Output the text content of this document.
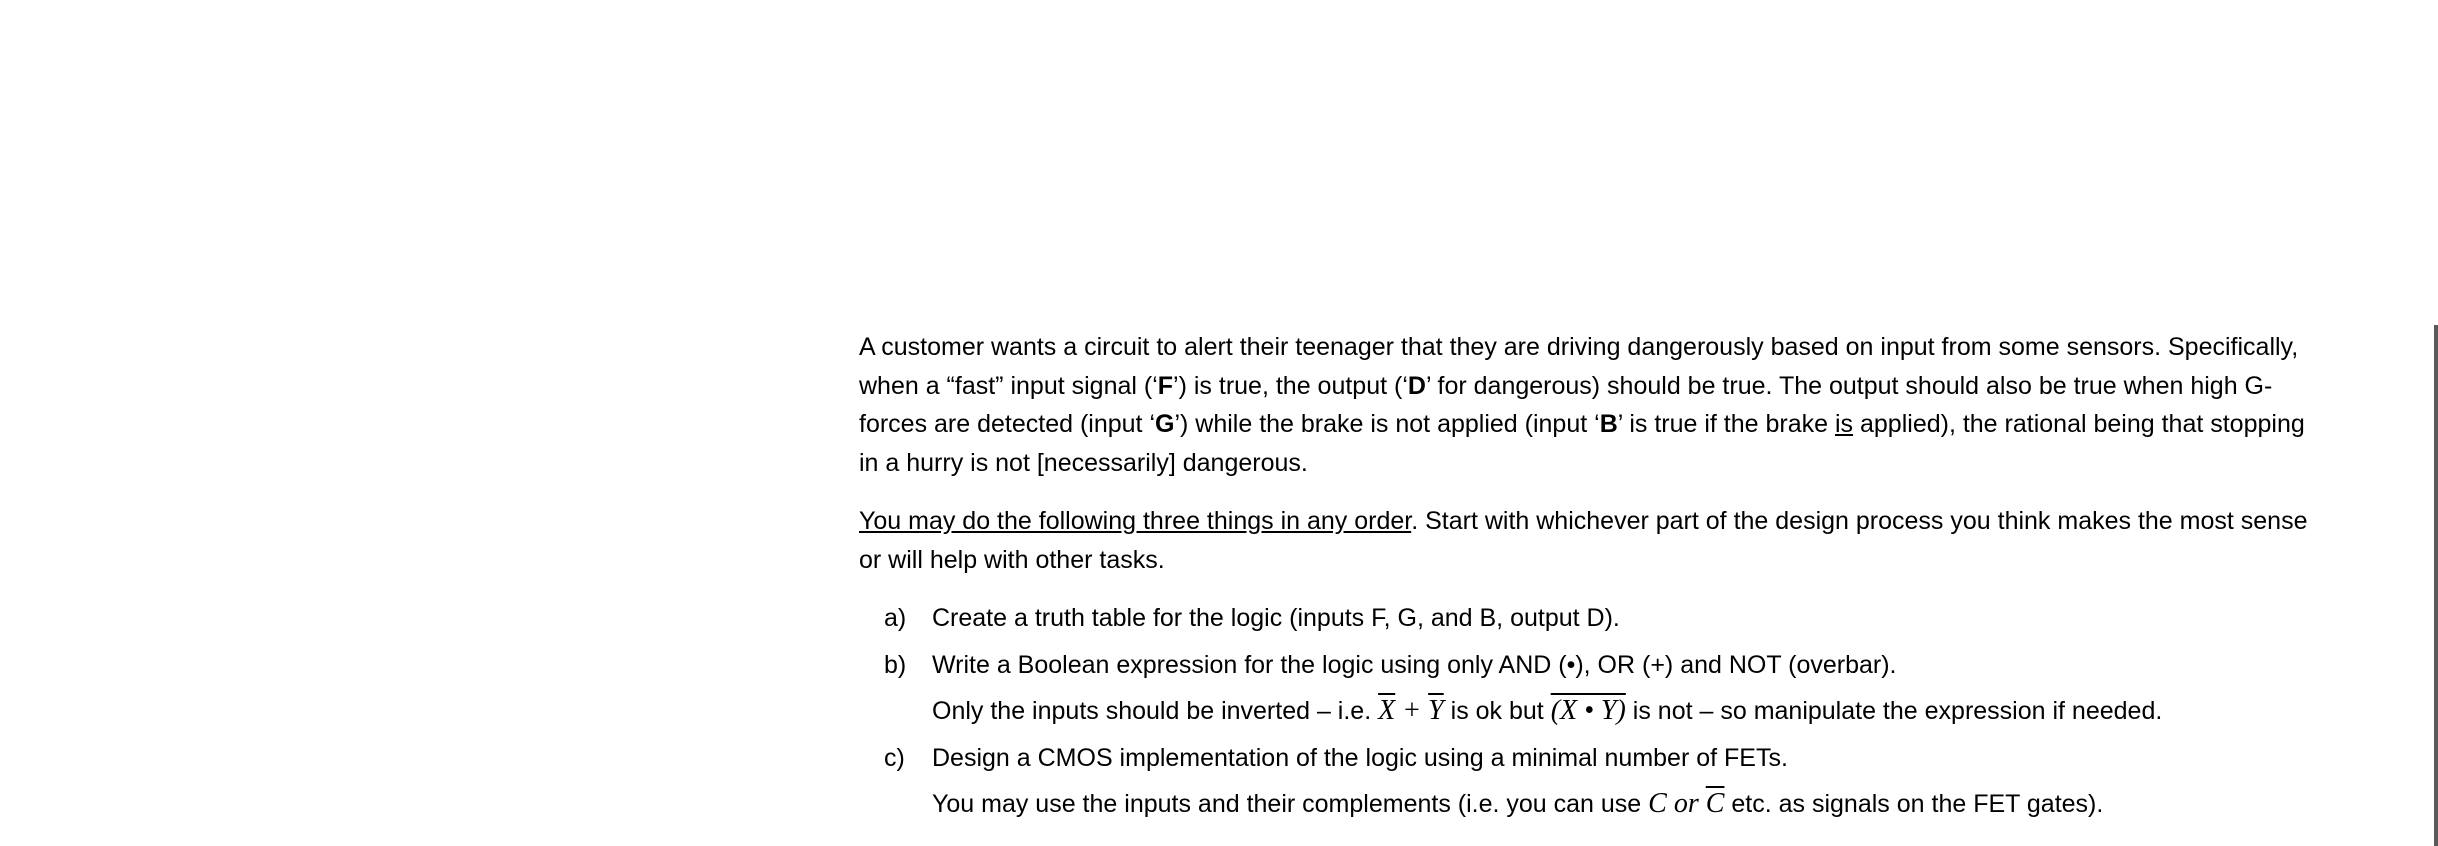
A customer wants a circuit to alert their teenager that they are driving dangerously based on input from some sensors. Specifically, when a “fast” input signal (‘F’) is true, the output (‘D’ for dangerous) should be true. The output should also be true when high G-forces are detected (input ‘G’) while the brake is not applied (input ‘B’ is true if the brake is applied), the rational being that stopping in a hurry is not [necessarily] dangerous.

You may do the following three things in any order. Start with whichever part of the design process you think makes the most sense or will help with other tasks.

a) Create a truth table for the logic (inputs F, G, and B, output D).
b) Write a Boolean expression for the logic using only AND (•), OR (+) and NOT (overbar).
Only the inputs should be inverted – i.e. $\overline{X} + \overline{Y}$ is ok but (X • Y) is not – so manipulate the expression if needed.
c) Design a CMOS implementation of the logic using a minimal number of FETs.
You may use the inputs and their complements (i.e. you can use C or $\overline{C}$ etc. as signals on the FET gates).
